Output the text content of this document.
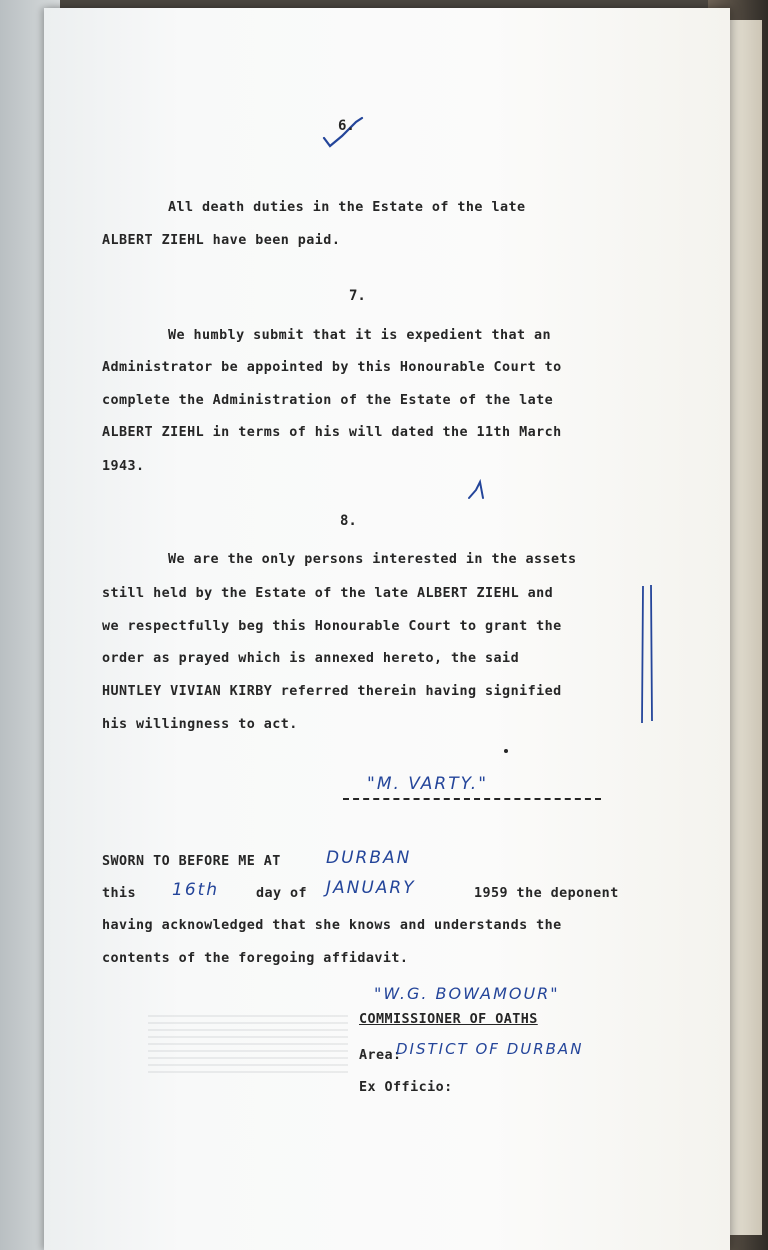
6.
All death duties in the Estate of the late
ALBERT ZIEHL have been paid.
7.
We humbly submit that it is expedient that an
Administrator be appointed by this Honourable Court to
complete the Administration of the Estate of the late
ALBERT ZIEHL in terms of his will dated the 11th March
1943.
8.
We are the only persons interested in the assets
still held by the Estate of the late ALBERT ZIEHL and
we respectfully beg this Honourable Court to grant the
order as prayed which is annexed hereto, the said
HUNTLEY VIVIAN KIRBY referred therein having signified
his willingness to act.
"M. VARTY."
SWORN TO BEFORE ME AT	DURBAN
this 16th	day of JANUARY	1959 the deponent
having acknowledged that she knows and understands the
contents of the foregoing affidavit.
"W.G. BOWAMOUR"
COMMISSIONER OF OATHS
Area:
DISTICT OF DURBAN
Ex Officio:
